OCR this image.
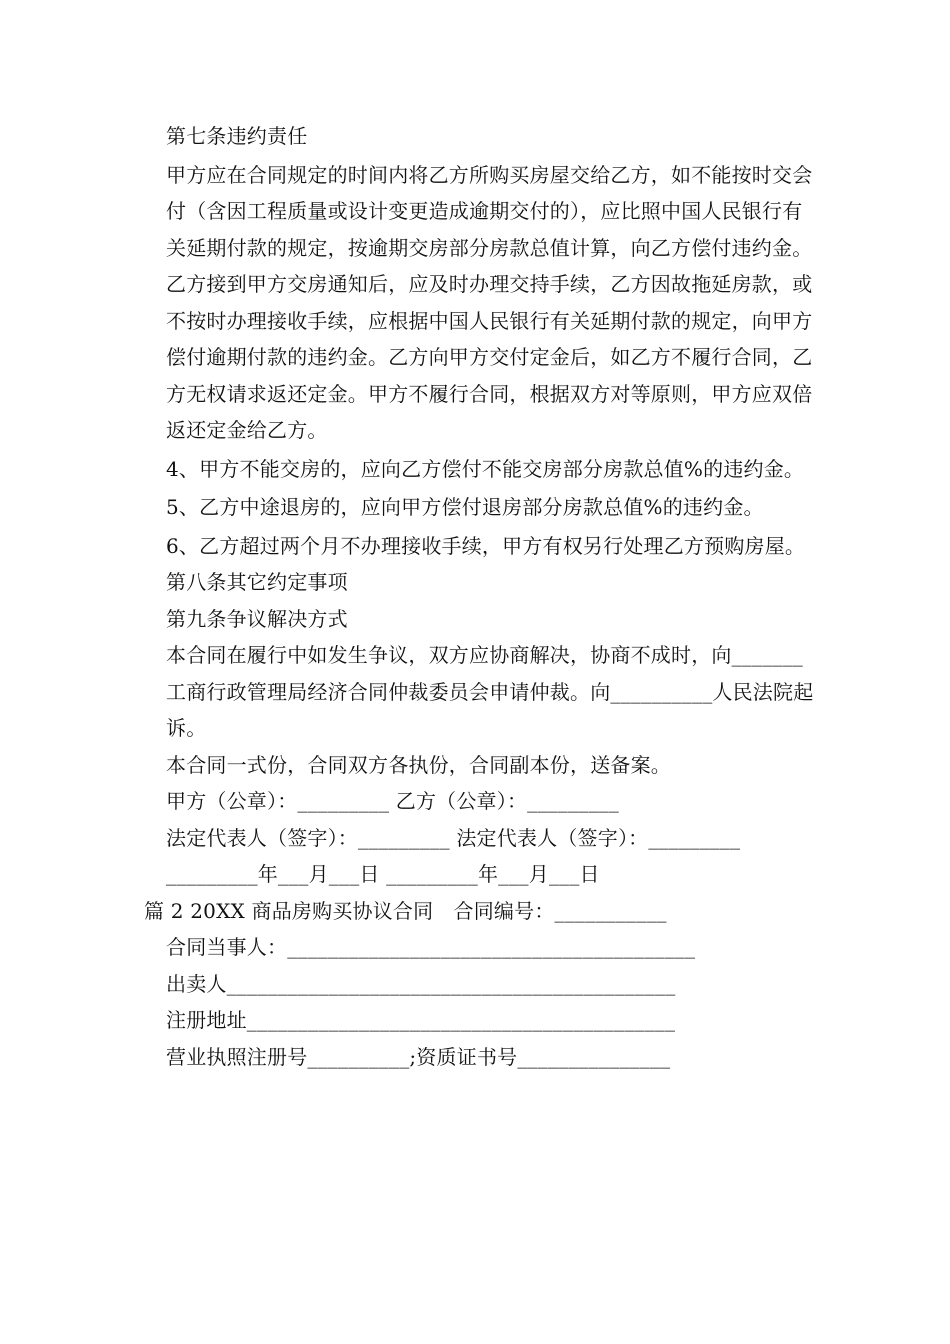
第七条违约责任

甲方应在合同规定的时间内将乙方所购买房屋交给乙方，如不能按时交会付（含因工程质量或设计变更造成逾期交付的），应比照中国人民银行有关延期付款的规定，按逾期交房部分房款总值计算，向乙方偿付违约金。乙方接到甲方交房通知后，应及时办理交持手续，乙方因故拖延房款，或不按时办理接收手续，应根据中国人民银行有关延期付款的规定，向甲方偿付逾期付款的违约金。乙方向甲方交付定金后，如乙方不履行合同，乙方无权请求返还定金。甲方不履行合同，根据双方对等原则，甲方应双倍返还定金给乙方。

4、甲方不能交房的，应向乙方偿付不能交房部分房款总值%的违约金。

5、乙方中途退房的，应向甲方偿付退房部分房款总值%的违约金。

6、乙方超过两个月不办理接收手续，甲方有权另行处理乙方预购房屋。

第八条其它约定事项

第九条争议解决方式

本合同在履行中如发生争议，双方应协商解决，协商不成时，向_______工商行政管理局经济合同仲裁委员会申请仲裁。向__________人民法院起诉。

本合同一式份，合同双方各执份，合同副本份，送备案。

甲方（公章）：_________ 乙方（公章）：_________

法定代表人（签字）：_________ 法定代表人（签字）：_________

_________年___月___日 _________年___月___日

篇 2 20XX 商品房购买协议合同　合同编号：___________

合同当事人：________________________________________

出卖人____________________________________________

注册地址__________________________________________

营业执照注册号__________;资质证书号_______________
